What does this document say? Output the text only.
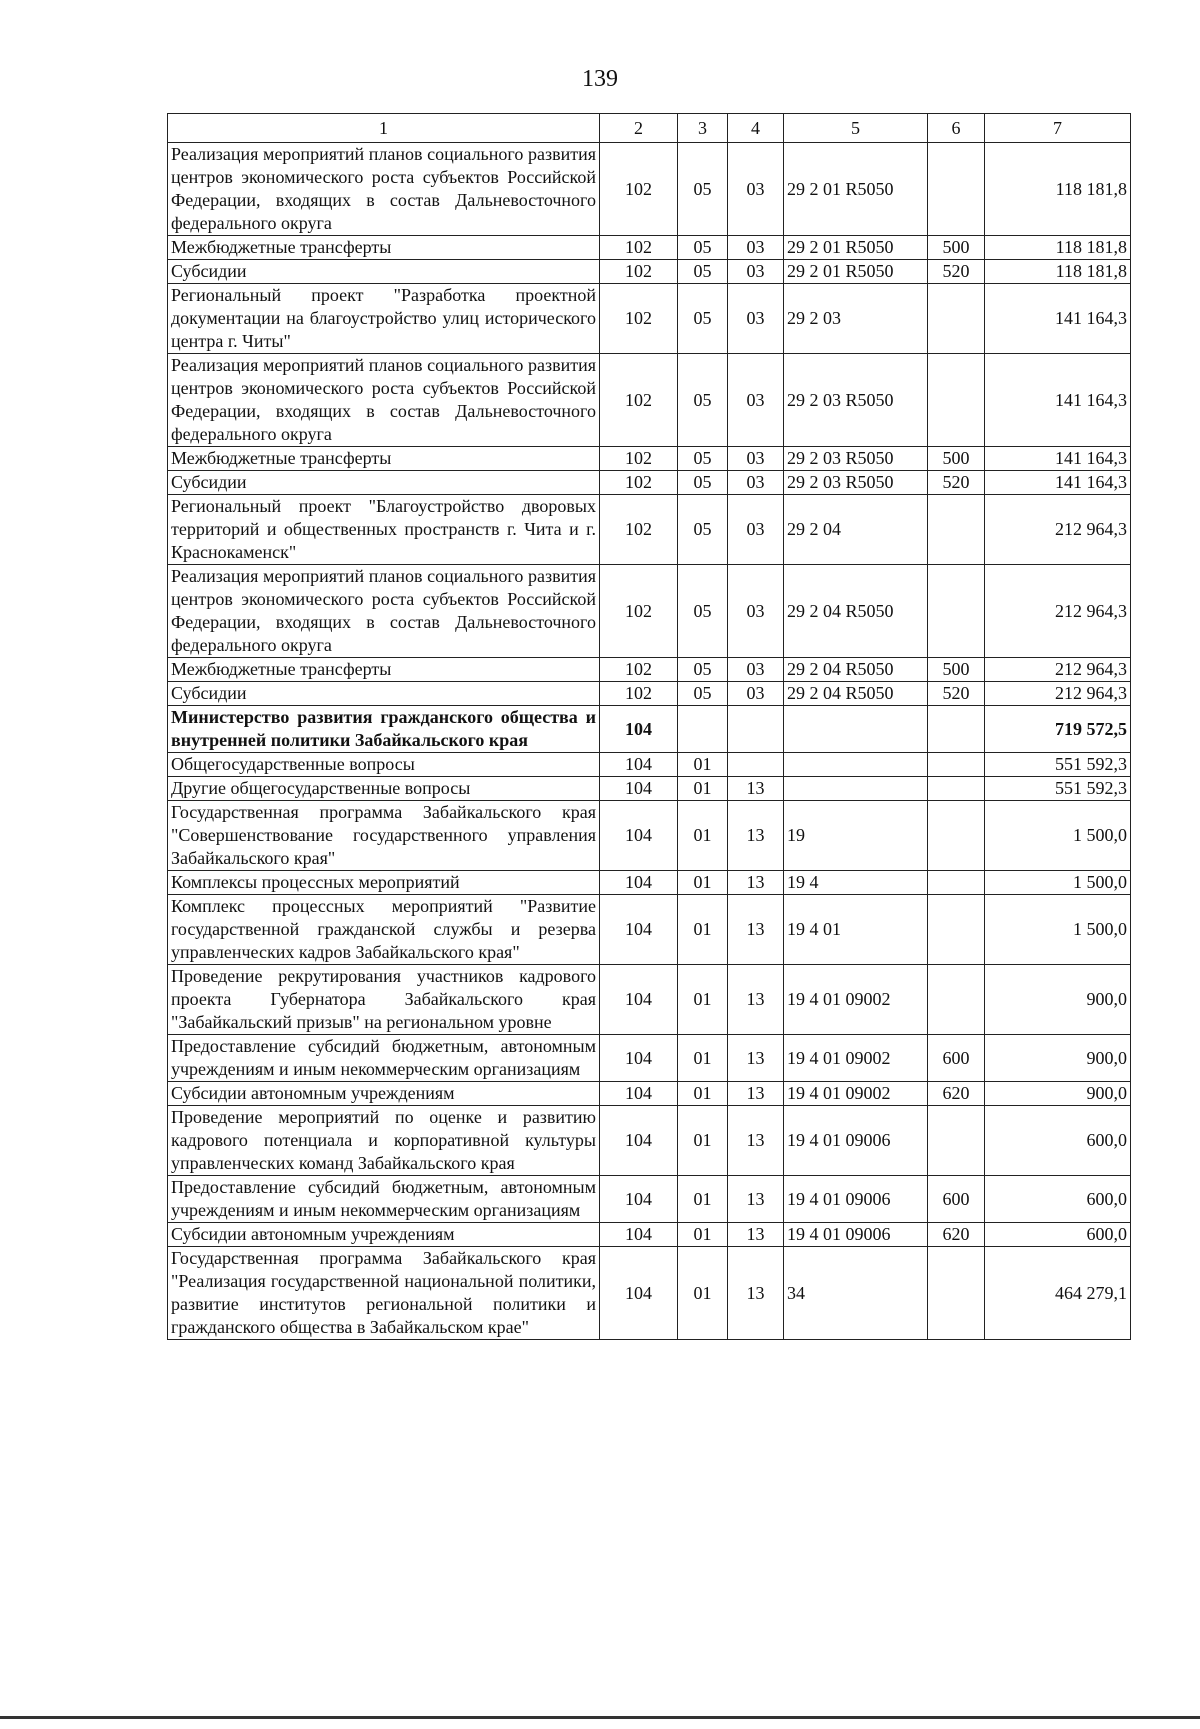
139
1	2	3	4	5	6	7
Реализация мероприятий планов социального развития центров экономического роста субъектов Российской Федерации, входящих в состав Дальневосточного федерального округа	102	05	03	29 2 01 R5050		118 181,8
Межбюджетные трансферты	102	05	03	29 2 01 R5050	500	118 181,8
Субсидии	102	05	03	29 2 01 R5050	520	118 181,8
Региональный проект "Разработка проектной документации на благоустройство улиц исторического центра г. Читы"	102	05	03	29 2 03		141 164,3
Реализация мероприятий планов социального развития центров экономического роста субъектов Российской Федерации, входящих в состав Дальневосточного федерального округа	102	05	03	29 2 03 R5050		141 164,3
Межбюджетные трансферты	102	05	03	29 2 03 R5050	500	141 164,3
Субсидии	102	05	03	29 2 03 R5050	520	141 164,3
Региональный проект "Благоустройство дворовых территорий и общественных пространств г. Чита и г. Краснокаменск"	102	05	03	29 2 04		212 964,3
Реализация мероприятий планов социального развития центров экономического роста субъектов Российской Федерации, входящих в состав Дальневосточного федерального округа	102	05	03	29 2 04 R5050		212 964,3
Межбюджетные трансферты	102	05	03	29 2 04 R5050	500	212 964,3
Субсидии	102	05	03	29 2 04 R5050	520	212 964,3
Министерство развития гражданского общества и внутренней политики Забайкальского края	104					719 572,5
Общегосударственные вопросы	104	01				551 592,3
Другие общегосударственные вопросы	104	01	13			551 592,3
Государственная программа Забайкальского края "Совершенствование государственного управления Забайкальского края"	104	01	13	19		1 500,0
Комплексы процессных мероприятий	104	01	13	19 4		1 500,0
Комплекс процессных мероприятий "Развитие государственной гражданской службы и резерва управленческих кадров Забайкальского края"	104	01	13	19 4 01		1 500,0
Проведение рекрутирования участников кадрового проекта Губернатора Забайкальского края "Забайкальский призыв" на региональном уровне	104	01	13	19 4 01 09002		900,0
Предоставление субсидий бюджетным, автономным учреждениям и иным некоммерческим организациям	104	01	13	19 4 01 09002	600	900,0
Субсидии автономным учреждениям	104	01	13	19 4 01 09002	620	900,0
Проведение мероприятий по оценке и развитию кадрового потенциала и корпоративной культуры управленческих команд Забайкальского края	104	01	13	19 4 01 09006		600,0
Предоставление субсидий бюджетным, автономным учреждениям и иным некоммерческим организациям	104	01	13	19 4 01 09006	600	600,0
Субсидии автономным учреждениям	104	01	13	19 4 01 09006	620	600,0
Государственная программа Забайкальского края "Реализация государственной национальной политики, развитие институтов региональной политики и гражданского общества в Забайкальском крае"	104	01	13	34		464 279,1
